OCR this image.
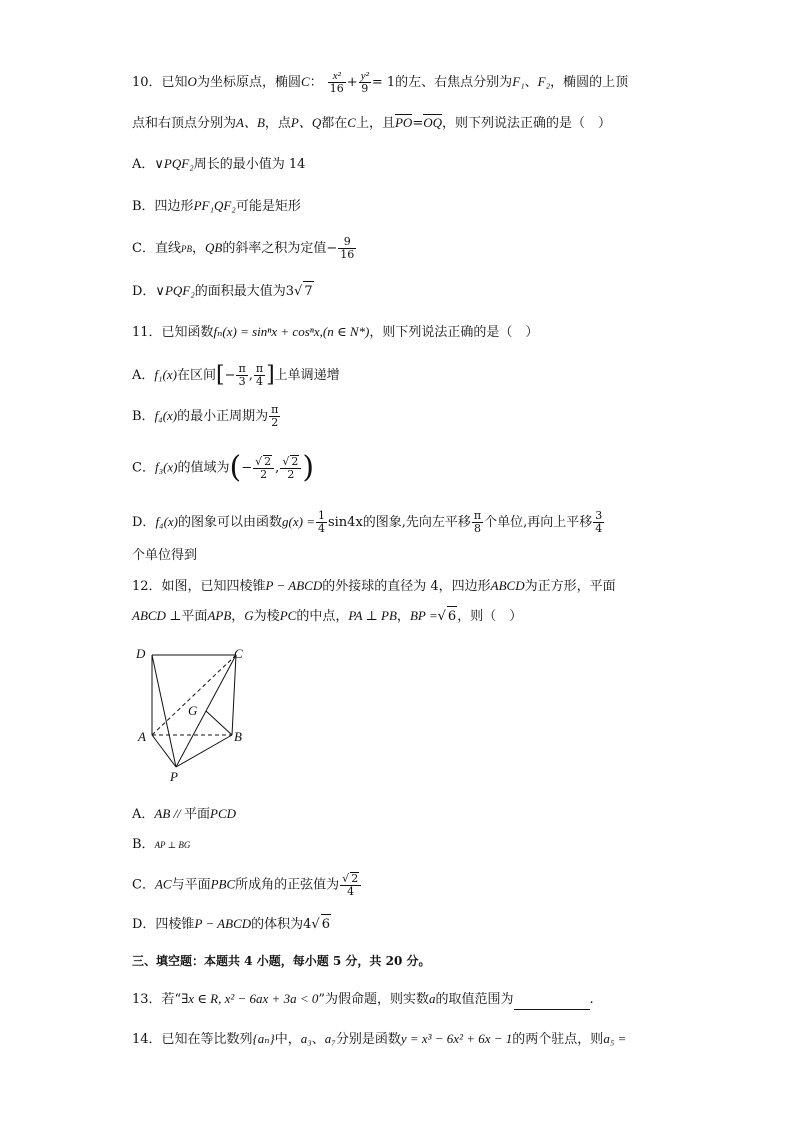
10．已知O为坐标原点，椭圆C： $\frac{\text{x²}}{16} + \frac{\text{y²}}{9} = 1$的左、右焦点分别为F₁、F₂，椭圆的上顶
点和右顶点分别为A、B，点P、Q都在C上，且PO=OQ，则下列说法正确的是（　）
A．∨PQF₂周长的最小值为 14
B．四边形PF₁QF₂可能是矩形
C．直线PB，QB的斜率之积为定值− $\frac{9}{16}$
D．∨PQF₂的面积最大值为3√ 7
11．已知函数fₙ(x) = sinⁿx + cosⁿx,(n ∈ N*)，则下列说法正确的是（　）
A．f₁(x)在区间[− $\frac{\pi}{3}$ , $\frac{\pi}{4}$ ]上单调递增
B．f₄(x)的最小正周期为 $\frac{\pi}{2}$
C．f₃(x)的值域为(− $\frac{√ 2}{2}$ , $\frac{√ 2}{2}$ )
D．f₄(x)的图象可以由函数$g(x) = \frac{1}{4} \sin 4x$的图象,先向左平移 $\frac{\pi}{8}$ 个单位,再向上平移 $\frac{3}{4}$
个单位得到
12．如图，已知四棱锥P − ABCD的外接球的直径为 4，四边形ABCD为正方形，平面
ABCD ⊥平面APB，G为棱PC的中点，PA ⊥ PB，BP =√ 6，则（　）
D	C
G
A	B
P
A．AB // 平面PCD
B．AP ⊥ BG
C．AC与平面PBC所成角的正弦值为 $\frac{√ 2}{4}$
D．四棱锥P − ABCD的体积为4√ 6
三、填空题：本题共 4 小题，每小题 5 分，共 20 分。
13．若“∃x ∈ R, x² − 6ax + 3a < 0”为假命题，则实数a的取值范围为	.
14．已知在等比数列{aₙ}中，a₃、a₇分别是函数y = x³ − 6x² + 6x − 1的两个驻点，则a₅ =
